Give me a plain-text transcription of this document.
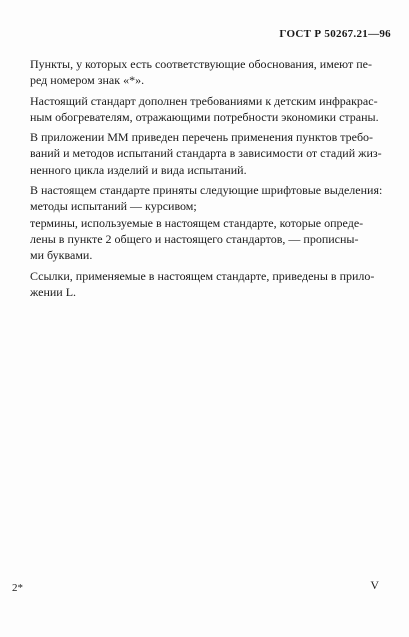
ГОСТ Р 50267.21—96

Пункты, у которых есть соответствующие обоснования, имеют пе-
ред номером знак «*».

Настоящий стандарт дополнен требованиями к детским инфракрас-
ным обогревателям, отражающими потребности экономики страны.

В приложении ММ приведен перечень применения пунктов требо-
ваний и методов испытаний стандарта в зависимости от стадий жиз-
ненного цикла изделий и вида испытаний.

В настоящем стандарте приняты следующие шрифтовые выделения:
методы испытаний — курсивом;
термины, используемые в настоящем стандарте, которые опреде-
лены в пункте 2 общего и настоящего стандартов, — прописны-
ми буквами.

Ссылки, применяемые в настоящем стандарте, приведены в прило-
жении L.

2*	V
